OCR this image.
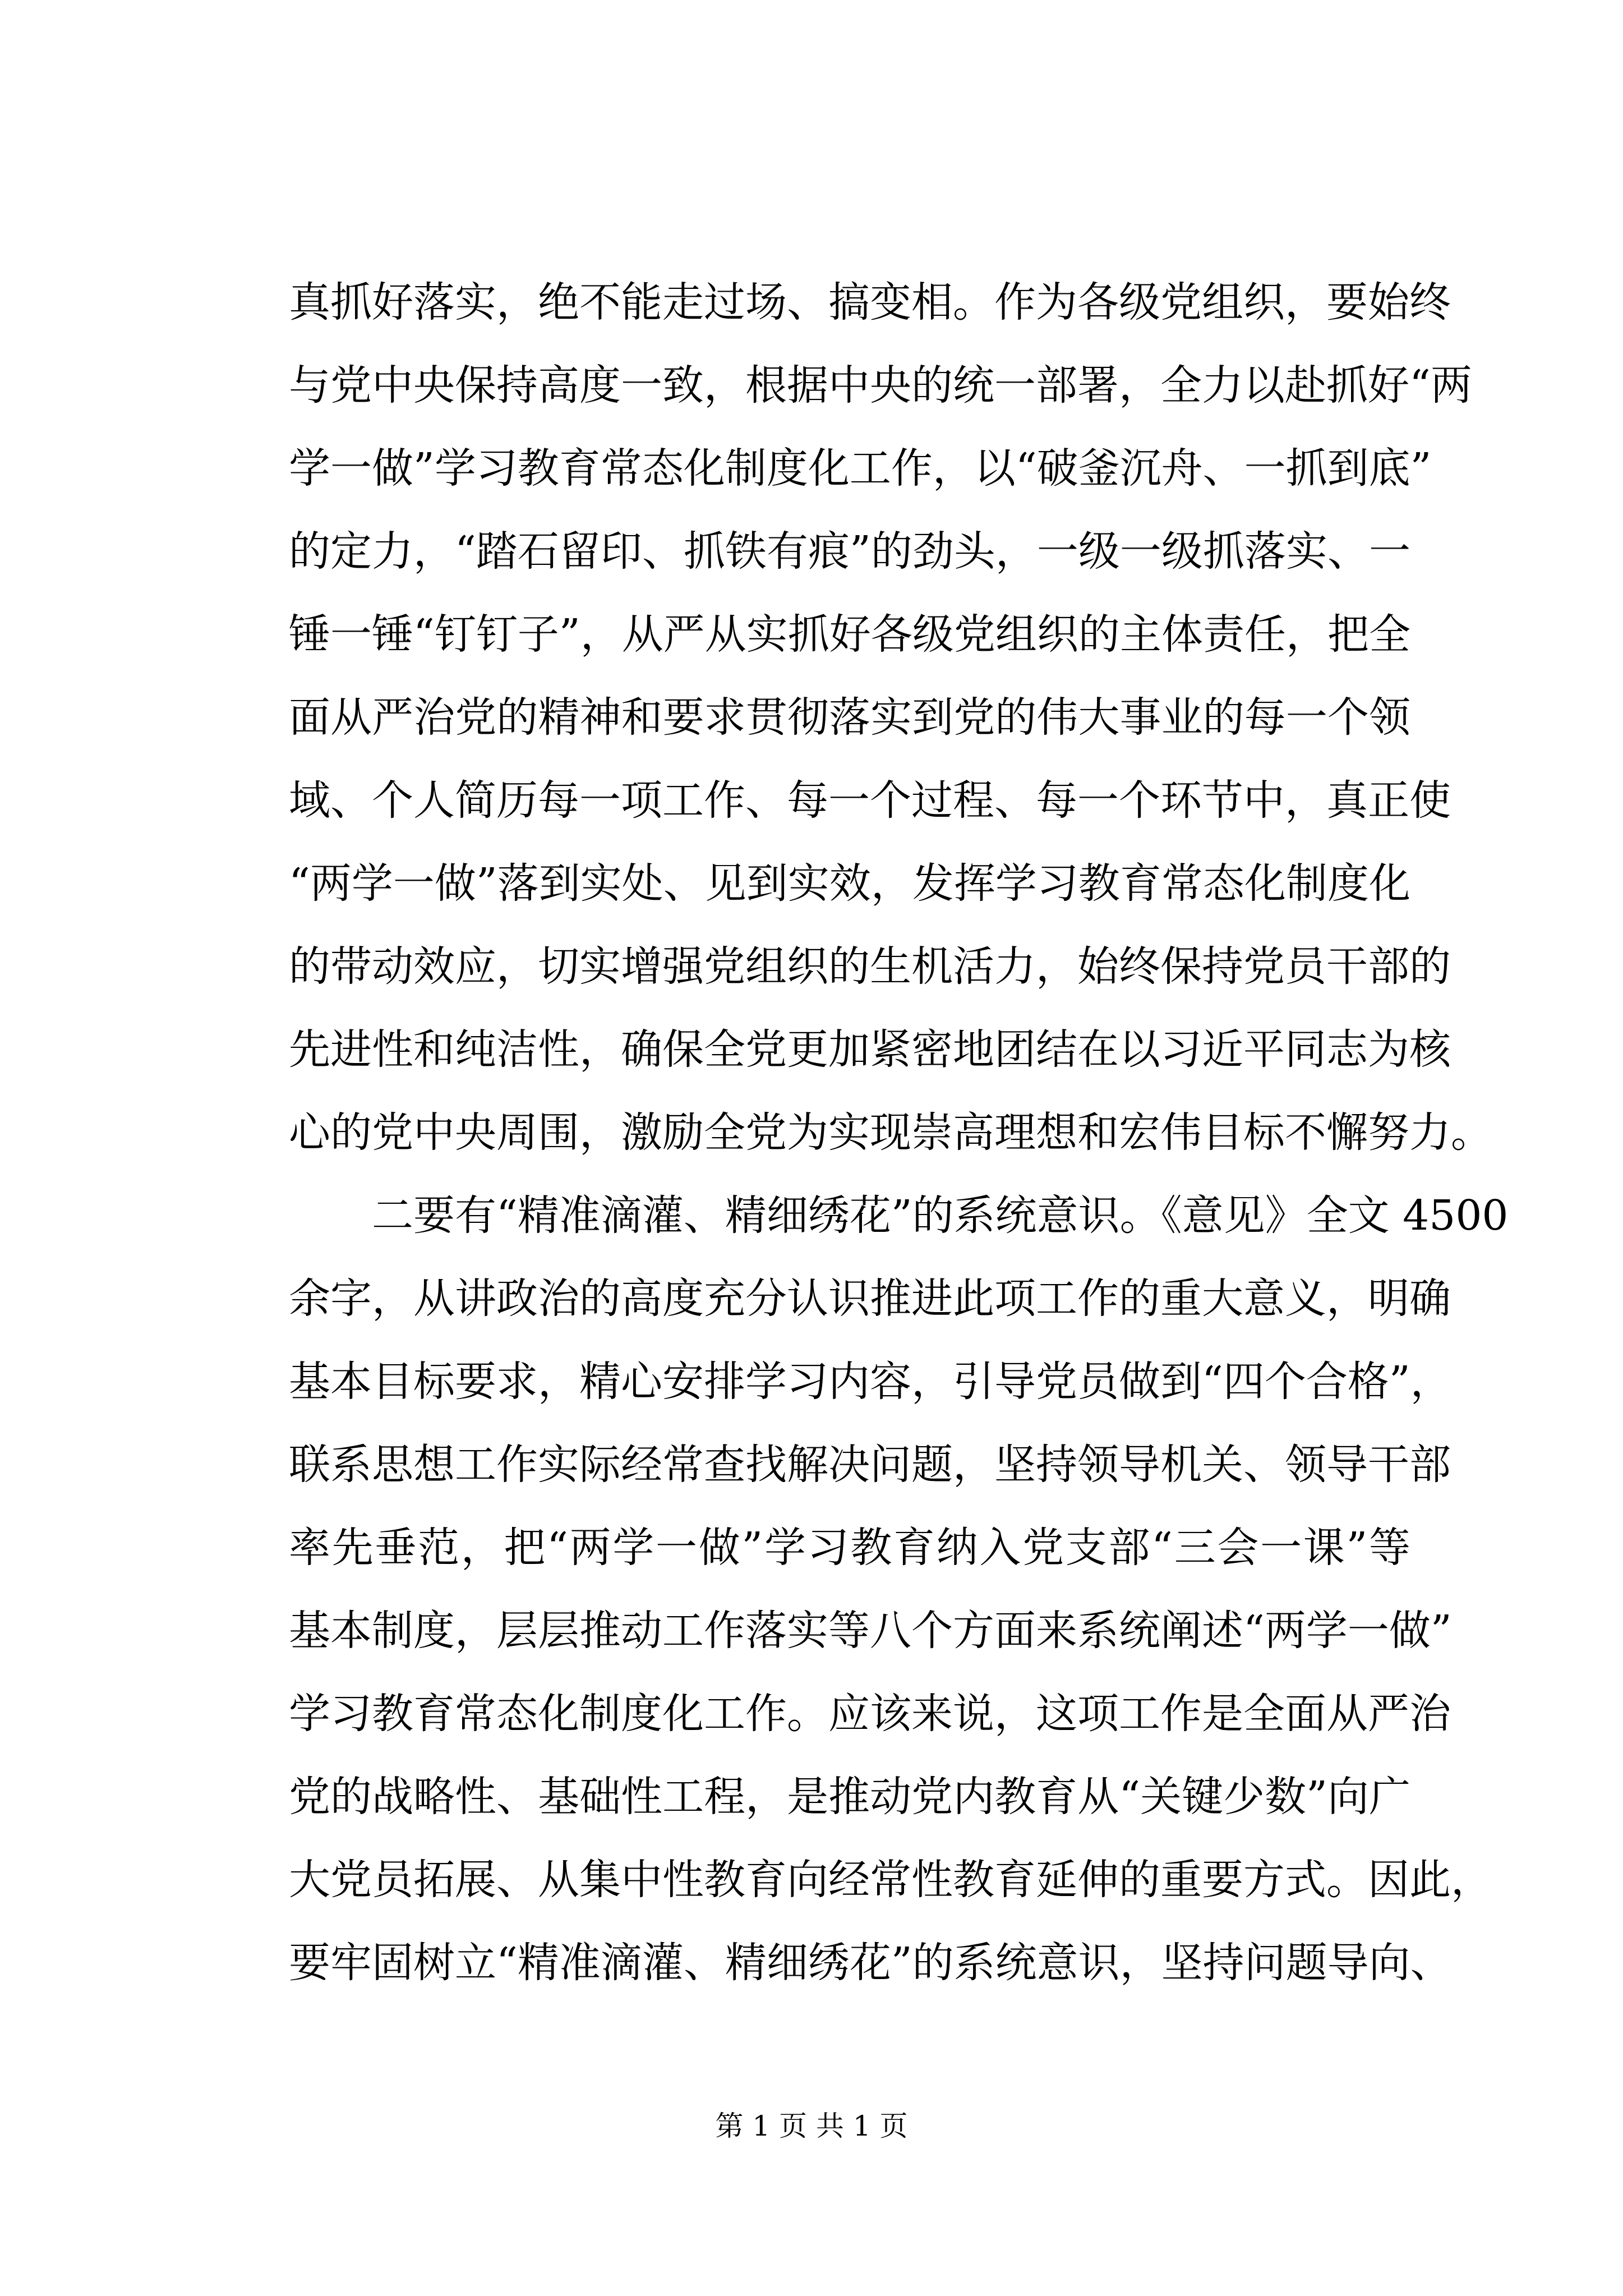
真抓好落实，绝不能走过场、搞变相。作为各级党组织，要始终
与党中央保持高度一致，根据中央的统一部署，全力以赴抓好“两
学一做”学习教育常态化制度化工作，以“破釜沉舟、一抓到底”
的定力，“踏石留印、抓铁有痕”的劲头，一级一级抓落实、一
锤一锤“钉钉子”，从严从实抓好各级党组织的主体责任，把全
面从严治党的精神和要求贯彻落实到党的伟大事业的每一个领
域、个人简历每一项工作、每一个过程、每一个环节中，真正使
“两学一做”落到实处、见到实效，发挥学习教育常态化制度化
的带动效应，切实增强党组织的生机活力，始终保持党员干部的
先进性和纯洁性，确保全党更加紧密地团结在以习近平同志为核
心的党中央周围，激励全党为实现崇高理想和宏伟目标不懈努力。
二要有“精准滴灌、精细绣花”的系统意识。《意见》全文 4500
余字，从讲政治的高度充分认识推进此项工作的重大意义，明确
基本目标要求，精心安排学习内容，引导党员做到“四个合格”，
联系思想工作实际经常查找解决问题，坚持领导机关、领导干部
率先垂范，把“两学一做”学习教育纳入党支部“三会一课”等
基本制度，层层推动工作落实等八个方面来系统阐述“两学一做”
学习教育常态化制度化工作。应该来说，这项工作是全面从严治
党的战略性、基础性工程，是推动党内教育从“关键少数”向广
大党员拓展、从集中性教育向经常性教育延伸的重要方式。因此，
要牢固树立“精准滴灌、精细绣花”的系统意识，坚持问题导向、
第 1 页 共 1 页
